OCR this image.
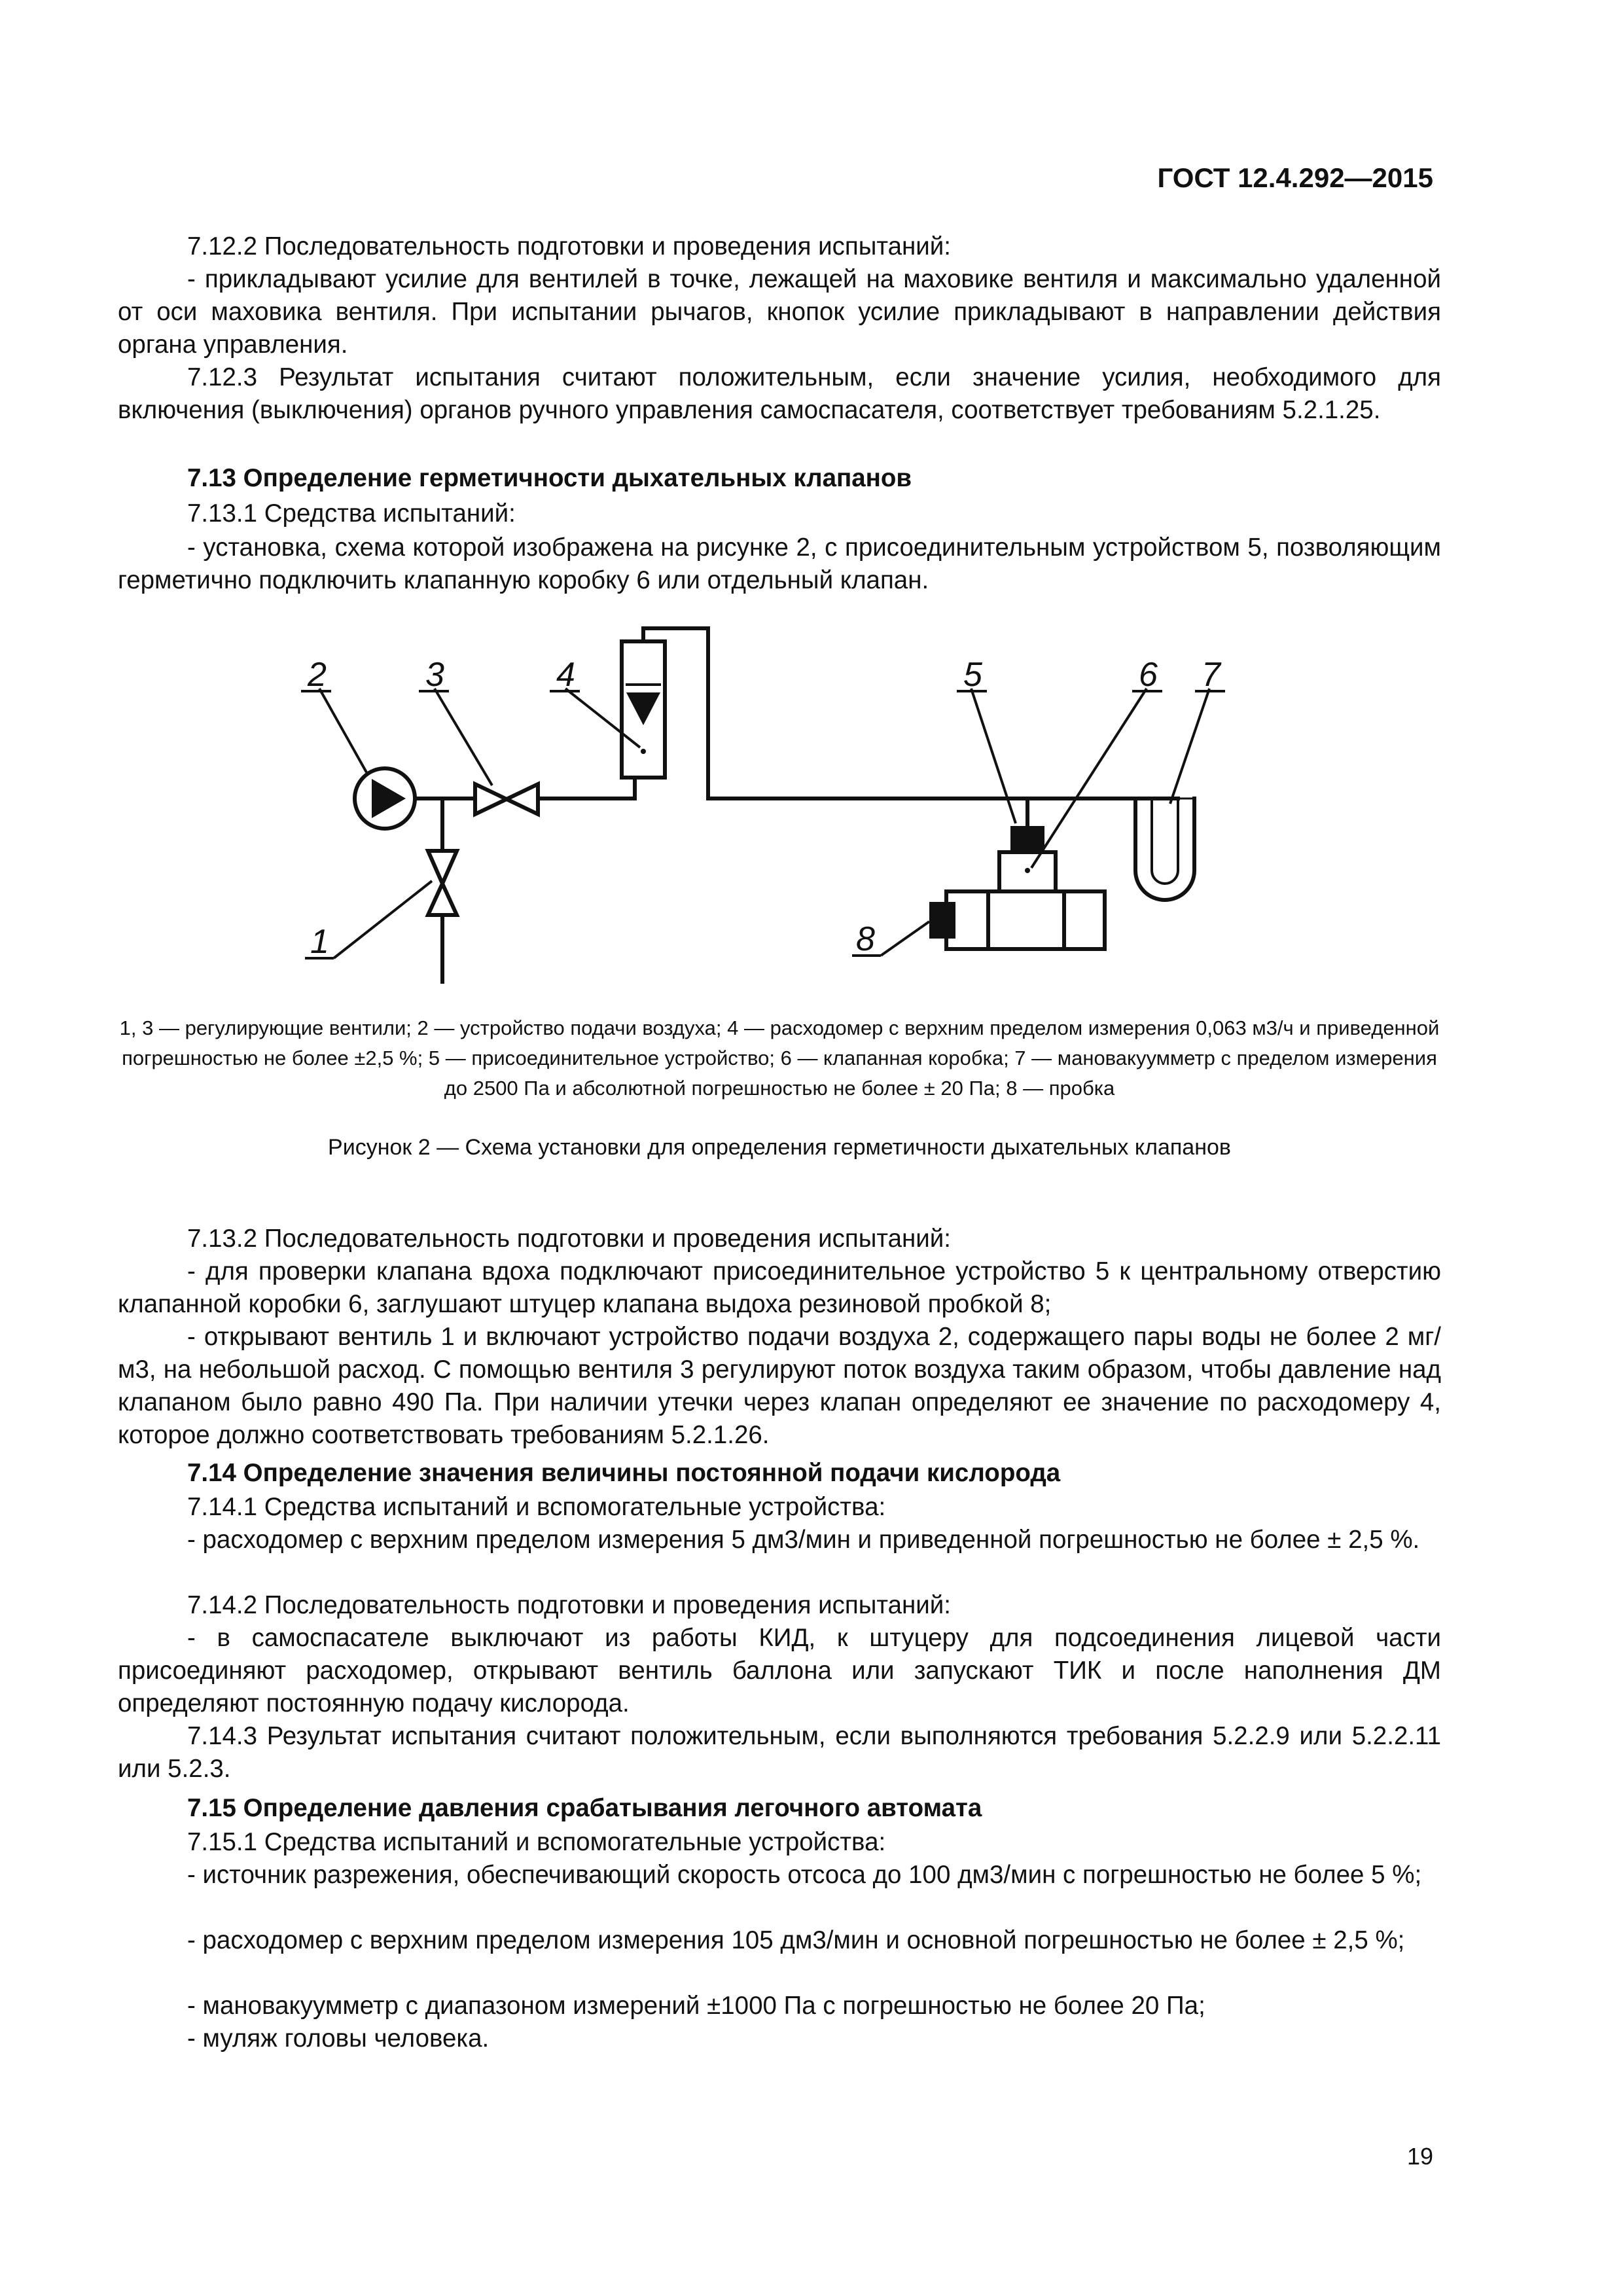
ГОСТ 12.4.292—2015

7.12.2 Последовательность подготовки и проведения испытаний:

- прикладывают усилие для вентилей в точке, лежащей на маховике вентиля и максимально удаленной от оси маховика вентиля. При испытании рычагов, кнопок усилие прикладывают в направлении действия органа управления.

7.12.3 Результат испытания считают положительным, если значение усилия, необходимого для включения (выключения) органов ручного управления самоспасателя, соответствует требованиям 5.2.1.25.

7.13 Определение герметичности дыхательных клапанов

7.13.1 Средства испытаний:

- установка, схема которой изображена на рисунке 2, с присоединительным устройством 5, позволяющим герметично подключить клапанную коробку 6 или отдельный клапан.

2	3	4	5	6 7
1	8

1, 3 — регулирующие вентили; 2 — устройство подачи воздуха; 4 — расходомер с верхним пределом измерения 0,063 м3/ч и приведенной погрешностью не более ±2,5 %; 5 — присоединительное устройство; 6 — клапанная коробка; 7 — мановакуумметр с пределом измерения до 2500 Па и абсолютной погрешностью не более ± 20 Па; 8 — пробка

Рисунок 2 — Схема установки для определения герметичности дыхательных клапанов

7.13.2 Последовательность подготовки и проведения испытаний:

- для проверки клапана вдоха подключают присоединительное устройство 5 к центральному отверстию клапанной коробки 6, заглушают штуцер клапана выдоха резиновой пробкой 8;

- открывают вентиль 1 и включают устройство подачи воздуха 2, содержащего пары воды не более 2 мг/м3, на небольшой расход. С помощью вентиля 3 регулируют поток воздуха таким образом, чтобы давление над клапаном было равно 490 Па. При наличии утечки через клапан определяют ее значение по расходомеру 4, которое должно соответствовать требованиям 5.2.1.26.

7.14 Определение значения величины постоянной подачи кислорода

7.14.1 Средства испытаний и вспомогательные устройства:

- расходомер с верхним пределом измерения 5 дм3/мин и приведенной погрешностью не более ± 2,5 %.

7.14.2 Последовательность подготовки и проведения испытаний:

- в самоспасателе выключают из работы КИД, к штуцеру для подсоединения лицевой части присоединяют расходомер, открывают вентиль баллона или запускают ТИК и после наполнения ДМ определяют постоянную подачу кислорода.

7.14.3 Результат испытания считают положительным, если выполняются требования 5.2.2.9 или 5.2.2.11 или 5.2.3.

7.15 Определение давления срабатывания легочного автомата

7.15.1 Средства испытаний и вспомогательные устройства:

- источник разрежения, обеспечивающий скорость отсоса до 100 дм3/мин с погрешностью не более 5 %;

- расходомер с верхним пределом измерения 105 дм3/мин и основной погрешностью не более ± 2,5 %;

- мановакуумметр с диапазоном измерений ±1000 Па с погрешностью не более 20 Па;

- муляж головы человека.

19
